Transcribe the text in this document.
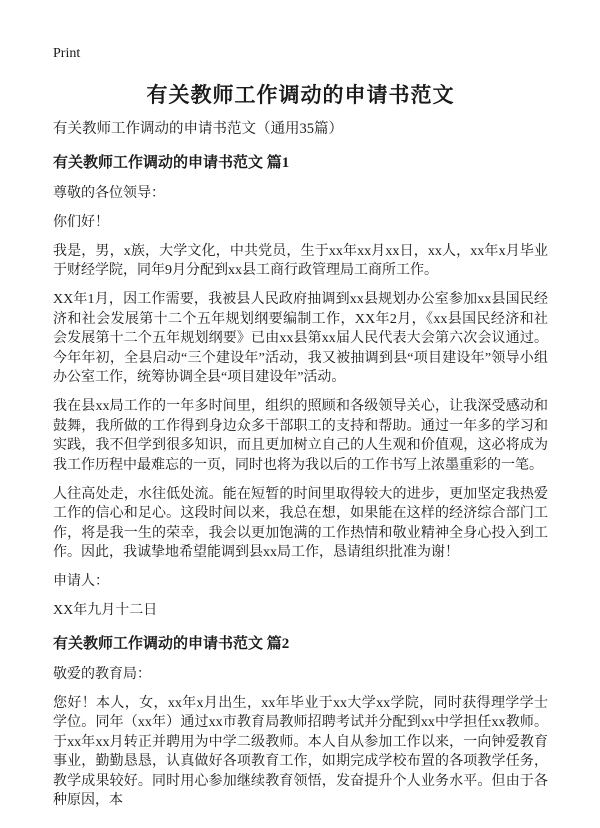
Print
有关教师工作调动的申请书范文

有关教师工作调动的申请书范文（通用35篇）

有关教师工作调动的申请书范文 篇1

尊敬的各位领导：

你们好！

我是，男，x族，大学文化，中共党员，生于xx年xx月xx日，xx人，xx年x月毕业于财经学院，同年9月分配到xx县工商行政管理局工商所工作。

XX年1月，因工作需要，我被县人民政府抽调到xx县规划办公室参加xx县国民经济和社会发展第十二个五年规划纲要编制工作，XX年2月，《xx县国民经济和社会发展第十二个五年规划纲要》已由xx县第xx届人民代表大会第六次会议通过。今年年初，全县启动“三个建设年”活动，我又被抽调到县“项目建设年”领导小组办公室工作，统筹协调全县“项目建设年”活动。

我在县xx局工作的一年多时间里，组织的照顾和各级领导关心，让我深受感动和鼓舞，我所做的工作得到身边众多干部职工的支持和帮助。通过一年多的学习和实践，我不但学到很多知识，而且更加树立自己的人生观和价值观，这必将成为我工作历程中最难忘的一页，同时也将为我以后的工作书写上浓墨重彩的一笔。

人往高处走，水往低处流。能在短暂的时间里取得较大的进步，更加坚定我热爱工作的信心和足心。这段时间以来，我总在想，如果能在这样的经济综合部门工作，将是我一生的荣幸，我会以更加饱满的工作热情和敬业精神全身心投入到工作。因此，我诚挚地希望能调到县xx局工作，恳请组织批准为谢！

申请人：

XX年九月十二日

有关教师工作调动的申请书范文 篇2

敬爱的教育局：

您好！本人，女，xx年x月出生，xx年毕业于xx大学xx学院，同时获得理学学士学位。同年（xx年）通过xx市教育局教师招聘考试并分配到xx中学担任xx教师。于xx年xx月转正并聘用为中学二级教师。本人自从参加工作以来，一向钟爱教育事业，勤勤恳恳，认真做好各项教育工作，如期完成学校布置的各项教学任务，教学成果较好。同时用心参加继续教育领悟，发奋提升个人业务水平。但由于各种原因，本
